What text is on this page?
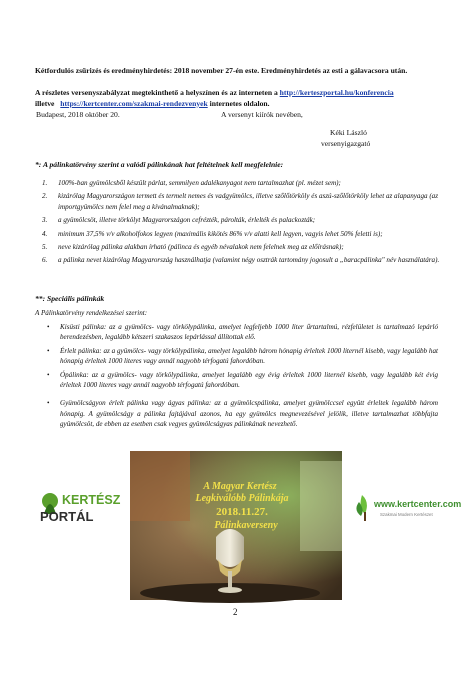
Kétfordulós zsűrizés és eredményhirdetés: 2018 november 27-én este. Eredményhirdetés az esti a gálavacsora után.

A részletes versenyszabályzat megtekinthető a helyszínen és az interneten a http://kerteszportal.hu/konferencia
illetve https://kertcenter.com/szakmai-rendezvenyek internetes oldalon.

Budapest, 2018 október 20.	A versenyt kiírók nevében,
Kéki László
versenyigazgató
*: A pálinkatörvény szerint a valódi pálinkának hat feltételnek kell megfelelnie:
1. 100%-ban gyümölcsből készült párlat, semmilyen adalékanyagot nem tartalmazhat (pl. mézet sem);
2. kizárólag Magyarországon termett és termelt nemes és vadgyümölcs, illetve szőlőtörköly és aszú-szőlőtörköly lehet az alapanyaga (az importgyümölcs nem felel meg a kívánalmaknak);
3. a gyümölcsöt, illetve törkölyt Magyarországon cefrézték, párolták, érlelték és palackozták;
4. minimum 37,5% v/v alkoholfokos legyen (maximális kikötés 86% v/v alatti kell legyen, vagyis lehet 50% feletti is);
5. neve kizárólag pálinka alakban írható (pálinca és egyéb névalakok nem felelnek meg az előírásnak);
6. a pálinka nevet kizárólag Magyarország használhatja (valamint négy osztrák tartomány jogosult a „baracpálinka" név használatára).
**: Speciális pálinkák
A Pálinkatörvény rendelkezései szerint:
• Kisüsti pálinka: az a gyümölcs- vagy törkölypálinka, amelyet legfeljebb 1000 liter űrtartalmú, rézfelületet is tartalmazó lepárló berendezésben, legalább kétszeri szakaszos lepárlással állítottak elő.
• Érlelt pálinka: az a gyümölcs- vagy törkölypálinka, amelyet legalább három hónapig érleltek 1000 liternél kisebb, vagy legalább hat hónapig érleltek 1000 literes vagy annál nagyobb térfogatú fahordóban.
• Ópálinka: az a gyümölcs- vagy törkölypálinka, amelyet legalább egy évig érleltek 1000 liternél kisebb, vagy legalább két évig érleltek 1000 literes vagy annál nagyobb térfogatú fahordóban.
• Gyümölcságyon érlelt pálinka vagy ágyas pálinka: az a gyümölcspálinka, amelyet gyümölccsel együtt érleltek legalább három hónapig. A gyümölcságy a pálinka fajtájával azonos, ha egy gyümölcs megnevezésével jelölik, illetve tartalmazhat többfajta gyümölcsöt, de ebben az esetben csak vegyes gyümölcságyas pálinkának nevezhető.
KERTÉSZ
PORTÁL
A Magyar Kertész
Legkiválóbb Pálinkája
2018.11.27.
Pálinkaverseny
www.kertcenter.com
Szakmai Modern Kertészet
2
